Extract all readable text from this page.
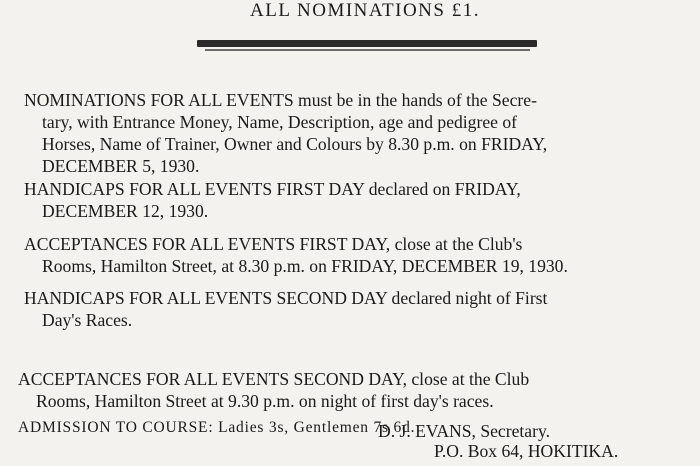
ALL NOMINATIONS £1.
NOMINATIONS FOR ALL EVENTS must be in the hands of the Secre-
tary, with Entrance Money, Name, Description, age and pedigree of
Horses, Name of Trainer, Owner and Colours by 8.30 p.m. on FRIDAY,
DECEMBER 5, 1930.
HANDICAPS FOR ALL EVENTS FIRST DAY declared on FRIDAY,
DECEMBER 12, 1930.
ACCEPTANCES FOR ALL EVENTS FIRST DAY, close at the Club's
Rooms, Hamilton Street, at 8.30 p.m. on FRIDAY, DECEMBER 19, 1930.
HANDICAPS FOR ALL EVENTS SECOND DAY declared night of First
Day's Races.
ACCEPTANCES FOR ALL EVENTS SECOND DAY, close at the Club
Rooms, Hamilton Street at 9.30 p.m. on night of first day's races.
ADMISSION TO COURSE: Ladies 3s, Gentlemen 7s 6d.
D. J. EVANS, Secretary.
P.O. Box 64, HOKITIKA.
